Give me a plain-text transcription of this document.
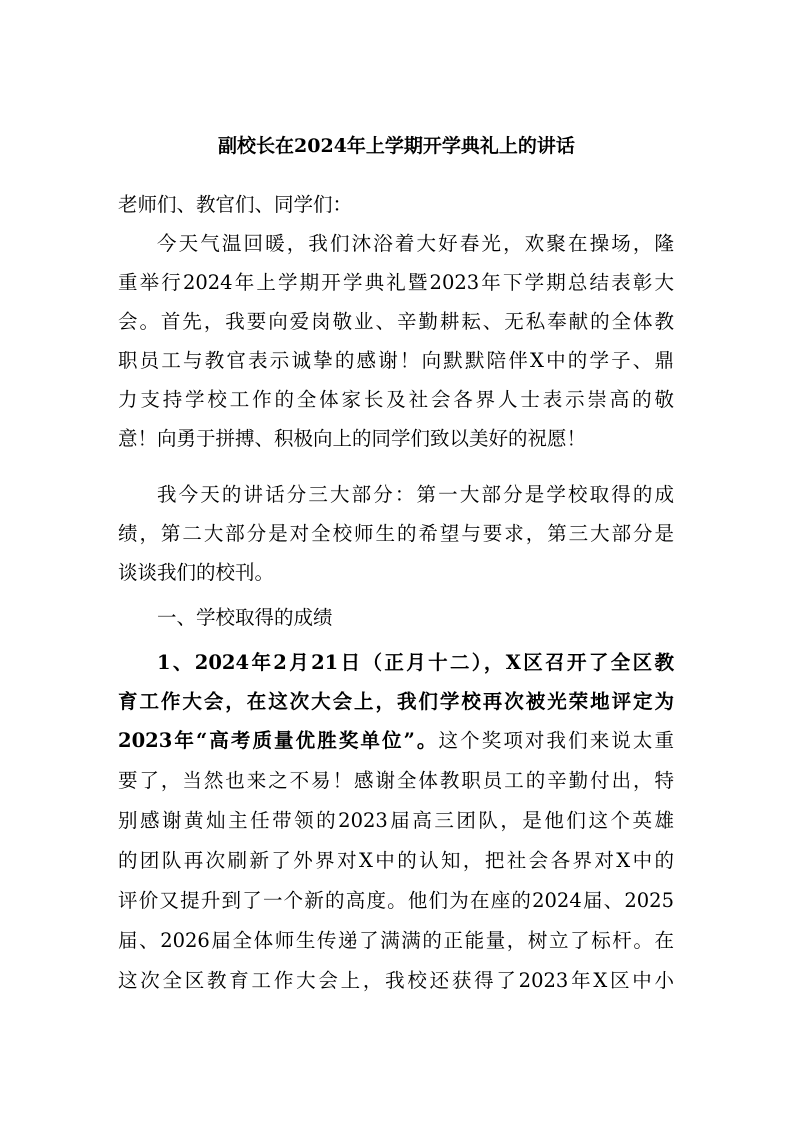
副校长在2024年上学期开学典礼上的讲话
老师们、教官们、同学们：
今天气温回暖，我们沐浴着大好春光，欢聚在操场，隆
重举行2024年上学期开学典礼暨2023年下学期总结表彰大
会。首先，我要向爱岗敬业、辛勤耕耘、无私奉献的全体教
职员工与教官表示诚挚的感谢！向默默陪伴X中的学子、鼎
力支持学校工作的全体家长及社会各界人士表示崇高的敬
意！向勇于拼搏、积极向上的同学们致以美好的祝愿！
我今天的讲话分三大部分：第一大部分是学校取得的成
绩，第二大部分是对全校师生的希望与要求，第三大部分是
谈谈我们的校刊。
一、学校取得的成绩
1、2024年2月21日（正月十二），X区召开了全区教
育工作大会，在这次大会上，我们学校再次被光荣地评定为
2023年“高考质量优胜奖单位”。这个奖项对我们来说太重
要了，当然也来之不易！感谢全体教职员工的辛勤付出，特
别感谢黄灿主任带领的2023届高三团队，是他们这个英雄
的团队再次刷新了外界对X中的认知，把社会各界对X中的
评价又提升到了一个新的高度。他们为在座的2024届、2025
届、2026届全体师生传递了满满的正能量，树立了标杆。在
这次全区教育工作大会上，我校还获得了2023年X区中小
